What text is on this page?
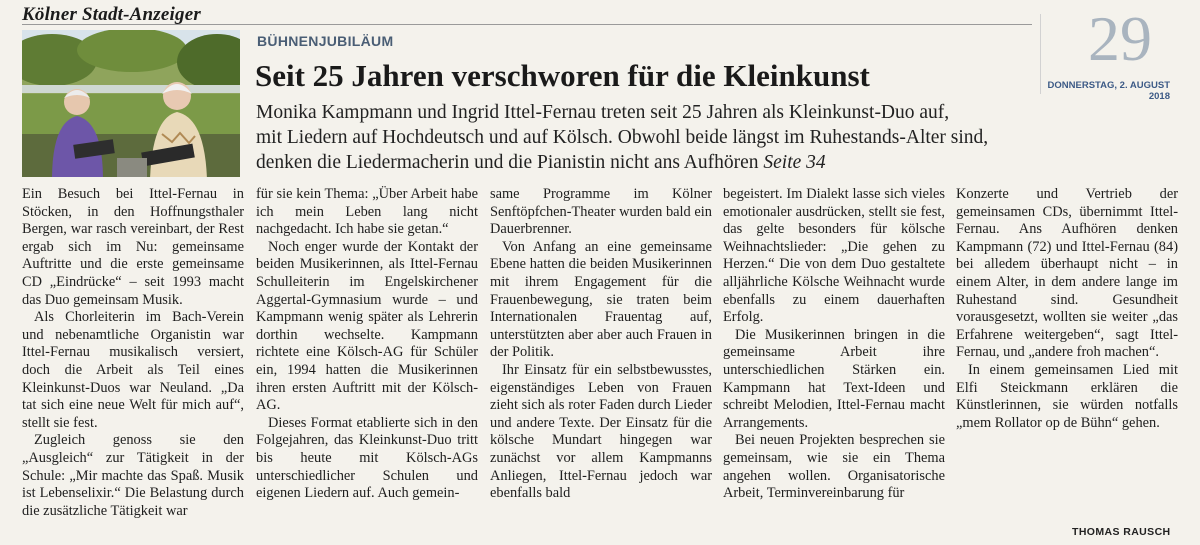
Kölner Stadt-Anzeiger	29
DONNERSTAG, 2. AUGUST 2018
BÜHNENJUBILÄUM
Seit 25 Jahren verschworen für die Kleinkunst

Monika Kampmann und Ingrid Ittel-Fernau treten seit 25 Jahren als Kleinkunst-Duo auf,

mit Liedern auf Hochdeutsch und auf Kölsch. Obwohl beide längst im Ruhestands-Alter sind,

denken die Liedermacherin und die Pianistin nicht ans Aufhören Seite 34

Ein Besuch bei Ittel-Fernau in Stöcken, in den Hoffnungsthaler Bergen, war rasch vereinbart, der Rest ergab sich im Nu: gemeinsame Auftritte und die erste gemeinsame CD „Eindrücke“ – seit 1993 macht das Duo gemeinsam Musik.

Als Chorleiterin im Bach-Verein und nebenamtliche Organistin war Ittel-Fernau musikalisch versiert, doch die Arbeit als Teil eines Kleinkunst-Duos war Neuland. „Da tat sich eine neue Welt für mich auf“, stellt sie fest.

Zugleich genoss sie den „Ausgleich“ zur Tätigkeit in der Schule: „Mir machte das Spaß. Musik ist Lebenselixir.“ Die Belastung durch die zusätzliche Tätigkeit war

für sie kein Thema: „Über Arbeit habe ich mein Leben lang nicht nachgedacht. Ich habe sie getan.“

Noch enger wurde der Kontakt der beiden Musikerinnen, als Ittel-Fernau Schulleiterin im Engelskirchener Aggertal-Gymnasium wurde – und Kampmann wenig später als Lehrerin dorthin wechselte. Kampmann richtete eine Kölsch-AG für Schüler ein, 1994 hatten die Musikerinnen ihren ersten Auftritt mit der Kölsch-AG.

Dieses Format etablierte sich in den Folgejahren, das Kleinkunst-Duo tritt bis heute mit Kölsch-AGs unterschiedlicher Schulen und eigenen Liedern auf. Auch gemein-

same Programme im Kölner Senftöpfchen-Theater wurden bald ein Dauerbrenner.

Von Anfang an eine gemeinsame Ebene hatten die beiden Musikerinnen mit ihrem Engagement für die Frauenbewegung, sie traten beim Internationalen Frauentag auf, unterstützten aber aber auch Frauen in der Politik.

Ihr Einsatz für ein selbstbewusstes, eigenständiges Leben von Frauen zieht sich als roter Faden durch Lieder und andere Texte. Der Einsatz für die kölsche Mundart hingegen war zunächst vor allem Kampmanns Anliegen, Ittel-Fernau jedoch war ebenfalls bald

begeistert. Im Dialekt lasse sich vieles emotionaler ausdrücken, stellt sie fest, das gelte besonders für kölsche Weihnachtslieder: „Die gehen zu Herzen.“ Die von dem Duo gestaltete alljährliche Kölsche Weihnacht wurde ebenfalls zu einem dauerhaften Erfolg.

Die Musikerinnen bringen in die gemeinsame Arbeit ihre unterschiedlichen Stärken ein. Kampmann hat Text-Ideen und schreibt Melodien, Ittel-Fernau macht Arrangements.

Bei neuen Projekten besprechen sie gemeinsam, wie sie ein Thema angehen wollen. Organisatorische Arbeit, Terminvereinbarung für

Konzerte und Vertrieb der gemeinsamen CDs, übernimmt Ittel-Fernau. Ans Aufhören denken Kampmann (72) und Ittel-Fernau (84) bei alledem überhaupt nicht – in einem Alter, in dem andere lange im Ruhestand sind. Gesundheit vorausgesetzt, wollten sie weiter „das Erfahrene weitergeben“, sagt Ittel-Fernau, und „andere froh machen“.

In einem gemeinsamen Lied mit Elfi Steickmann erklären die Künstlerinnen, sie würden notfalls „mem Rollator op de Bühn“ gehen.

THOMAS RAUSCH
